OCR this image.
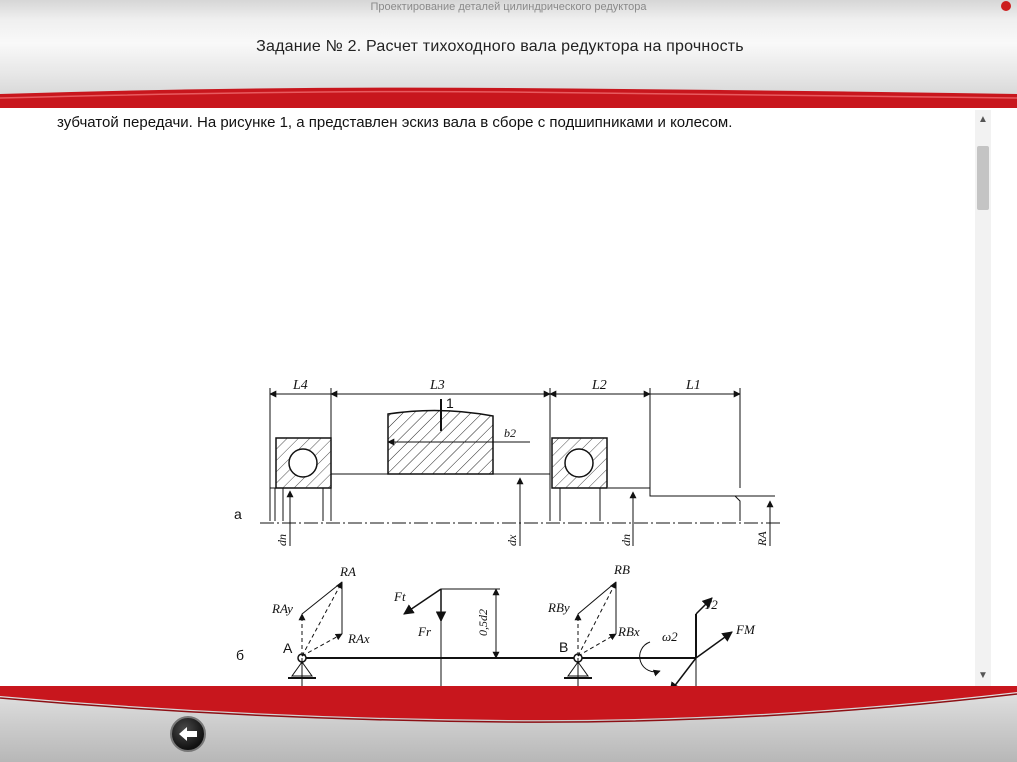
Проектирование деталей цилиндрического редуктора
Задание № 2. Расчет тихоходного вала редуктора на прочность
зубчатой передачи. На рисунке 1, а представлен эскиз вала в сборе с подшипниками и колесом.
а
б
L4	L3	L2	L1
1
b2
dп	dх	dп	RA
RA
RAy
RAx
Ft
Fr	0,5d2
RB
RBy
RBx
T2
FM
ω2
A	B
▲
▼
